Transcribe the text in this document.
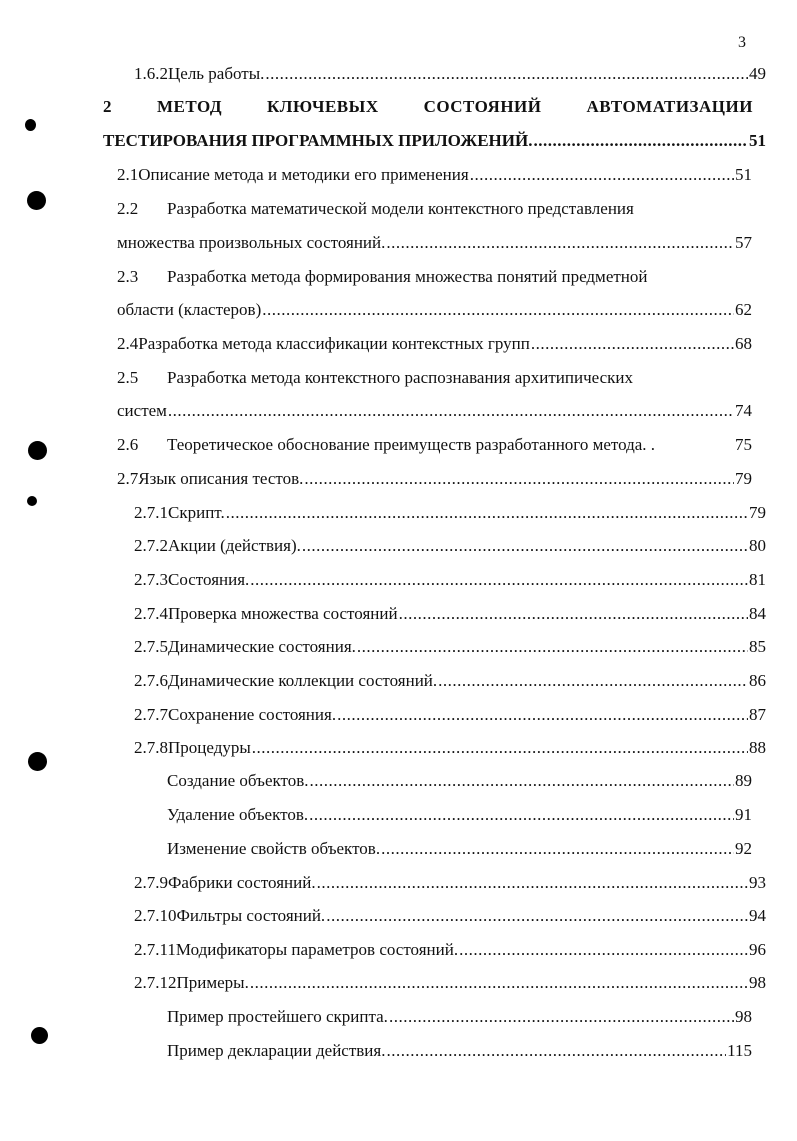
3
1.6.2 Цель работы. .....	49
2	МЕТОД	КЛЮЧЕВЫХ	СОСТОЯНИЙ	АВТОМАТИЗАЦИИ
ТЕСТИРОВАНИЯ ПРОГРАММНЫХ ПРИЛОЖЕНИЙ. .....	51
2.1 Описание метода и методики его применения .....	51
2.2 Разработка математической модели контекстного представления
множества произвольных состояний. .....	57
2.3 Разработка метода формирования множества понятий предметной
области (кластеров) .....	62
2.4 Разработка метода классификации контекстных групп .....	68
2.5 Разработка метода контекстного распознавания архитипических
систем .....	74
2.6	Теоретическое обоснование преимуществ разработанного метода. .	75
2.7 Язык описания тестов. .....	79
2.7.1 Скрипт. .....	79
2.7.2 Акции (действия). .....	80
2.7.3 Состояния. .....	81
2.7.4 Проверка множества состояний .....	84
2.7.5 Динамические состояния. .....	85
2.7.6 Динамические коллекции состояний. .....	86
2.7.7 Сохранение состояния. .....	87
2.7.8 Процедуры .....	88
Создание объектов. .....	89
Удаление объектов. .....	91
Изменение свойств объектов. .....	92
2.7.9 Фабрики состояний. .....	93
2.7.10 Фильтры состояний. .....	94
2.7.11 Модификаторы параметров состояний. .....	96
2.7.12 Примеры. .....	98
Пример простейшего скрипта. .....	98
Пример декларации действия. .....	115
